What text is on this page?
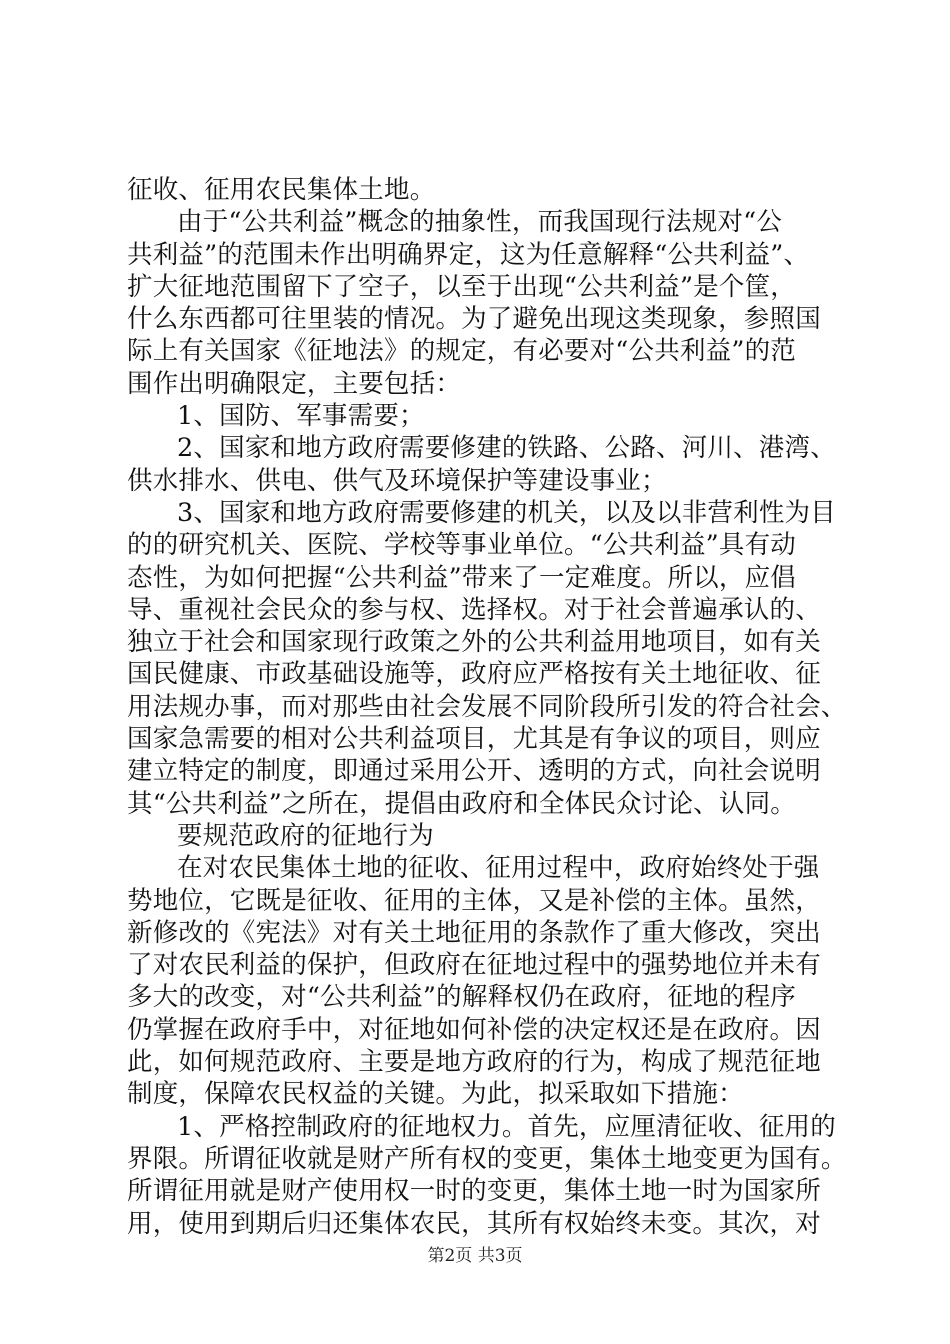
征收、征用农民集体土地。
由于“公共利益”概念的抽象性，而我国现行法规对“公
共利益”的范围未作出明确界定，这为任意解释“公共利益”、
扩大征地范围留下了空子，以至于出现“公共利益”是个筐，
什么东西都可往里装的情况。为了避免出现这类现象，参照国
际上有关国家《征地法》的规定，有必要对“公共利益”的范
围作出明确限定，主要包括：
1、国防、军事需要；
2、国家和地方政府需要修建的铁路、公路、河川、港湾、
供水排水、供电、供气及环境保护等建设事业；
3、国家和地方政府需要修建的机关，以及以非营利性为目
的的研究机关、医院、学校等事业单位。“公共利益”具有动
态性，为如何把握“公共利益”带来了一定难度。所以，应倡
导、重视社会民众的参与权、选择权。对于社会普遍承认的、
独立于社会和国家现行政策之外的公共利益用地项目，如有关
国民健康、市政基础设施等，政府应严格按有关土地征收、征
用法规办事，而对那些由社会发展不同阶段所引发的符合社会、
国家急需要的相对公共利益项目，尤其是有争议的项目，则应
建立特定的制度，即通过采用公开、透明的方式，向社会说明
其“公共利益”之所在，提倡由政府和全体民众讨论、认同。
要规范政府的征地行为
在对农民集体土地的征收、征用过程中，政府始终处于强
势地位，它既是征收、征用的主体，又是补偿的主体。虽然，
新修改的《宪法》对有关土地征用的条款作了重大修改，突出
了对农民利益的保护，但政府在征地过程中的强势地位并未有
多大的改变，对“公共利益”的解释权仍在政府，征地的程序
仍掌握在政府手中，对征地如何补偿的决定权还是在政府。因
此，如何规范政府、主要是地方政府的行为，构成了规范征地
制度，保障农民权益的关键。为此，拟采取如下措施：
1、严格控制政府的征地权力。首先，应厘清征收、征用的
界限。所谓征收就是财产所有权的变更，集体土地变更为国有。
所谓征用就是财产使用权一时的变更，集体土地一时为国家所
用，使用到期后归还集体农民，其所有权始终未变。其次，对
第2页 共3页
